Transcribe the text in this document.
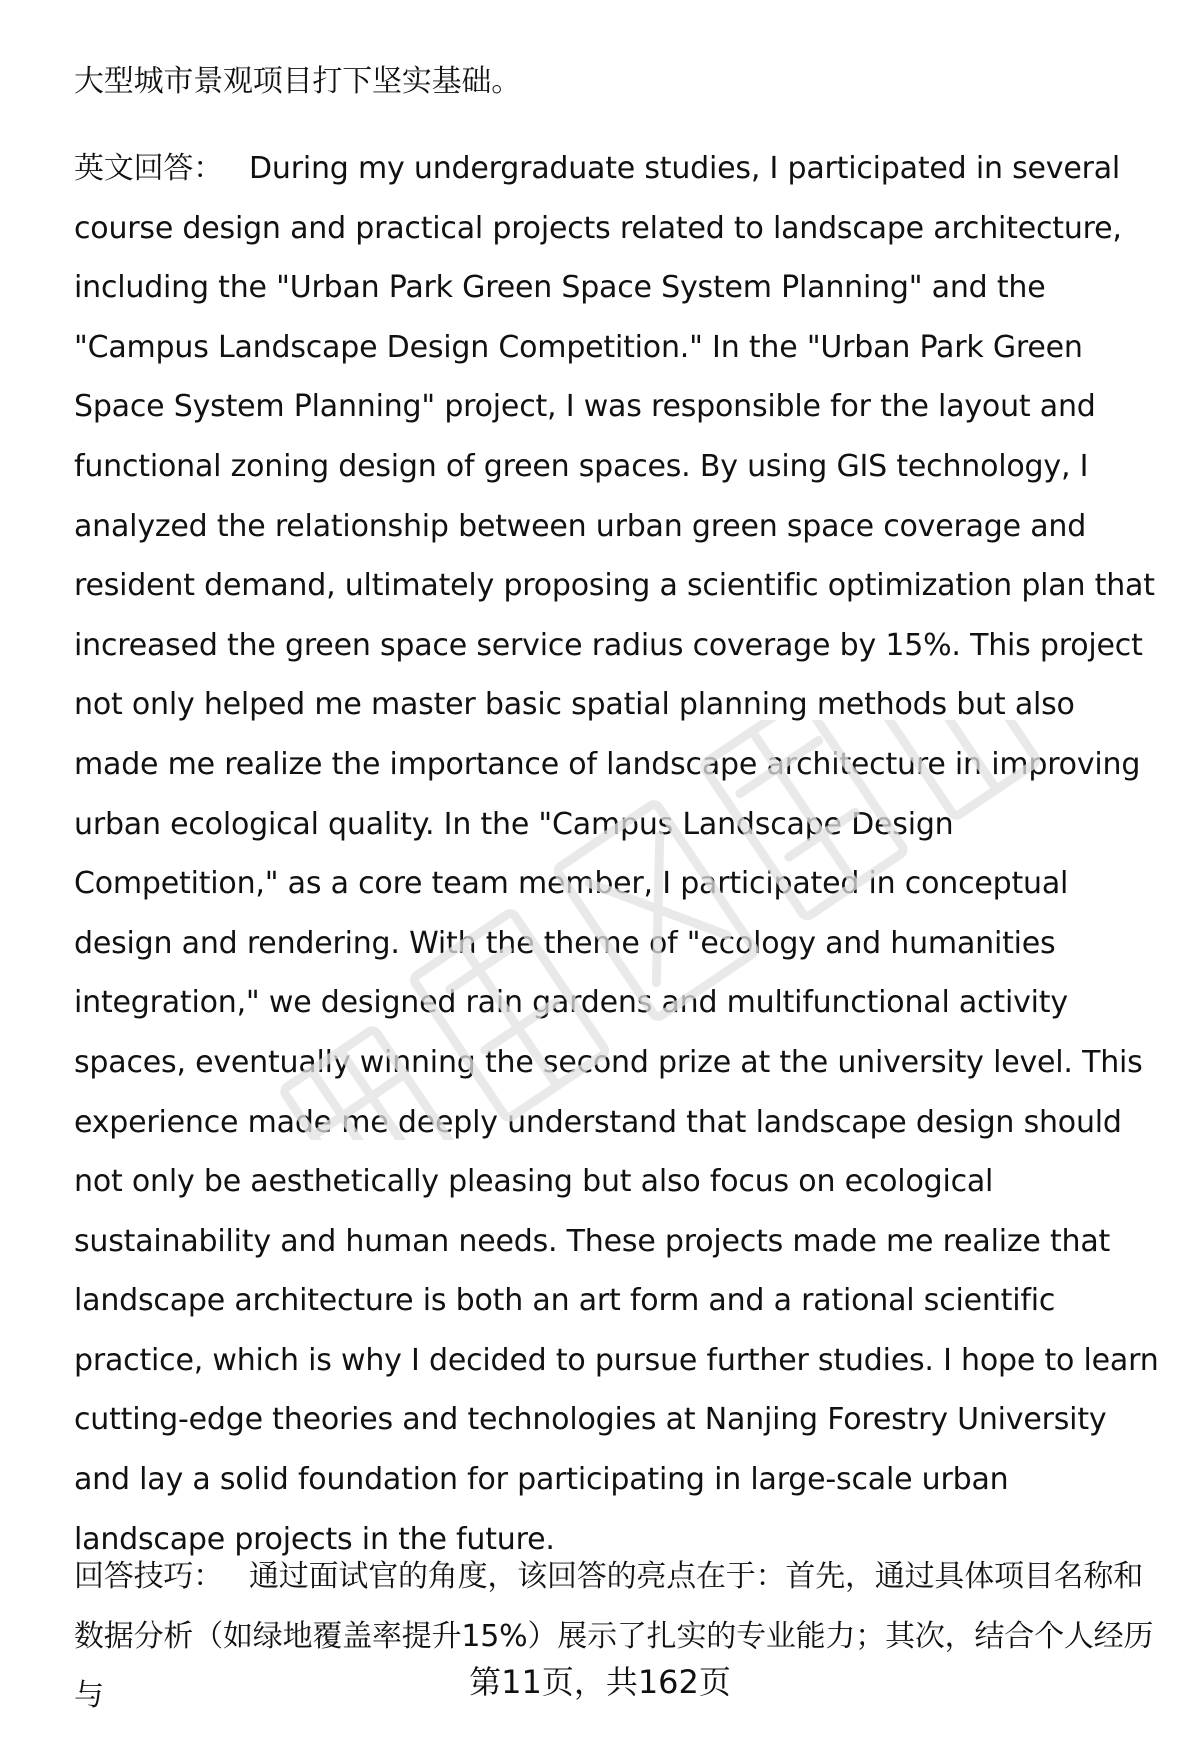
大型城市景观项目打下坚实基础。
英文回答： During my undergraduate studies, I participated in several course design and practical projects related to landscape architecture, including the "Urban Park Green Space System Planning" and the "Campus Landscape Design Competition." In the "Urban Park Green Space System Planning" project, I was responsible for the layout and functional zoning design of green spaces. By using GIS technology, I analyzed the relationship between urban green space coverage and resident demand, ultimately proposing a scientific optimization plan that increased the green space service radius coverage by 15%. This project not only helped me master basic spatial planning methods but also made me realize the importance of landscape architecture in improving urban ecological quality. In the "Campus Landscape Design Competition," as a core team member, I participated in conceptual design and rendering. With the theme of "ecology and humanities integration," we designed rain gardens and multifunctional activity spaces, eventually winning the second prize at the university level. This experience made me deeply understand that landscape design should not only be aesthetically pleasing but also focus on ecological sustainability and human needs. These projects made me realize that landscape architecture is both an art form and a rational scientific practice, which is why I decided to pursue further studies. I hope to learn cutting-edge theories and technologies at Nanjing Forestry University and lay a solid foundation for participating in large-scale urban landscape projects in the future.
回答技巧： 通过面试官的角度，该回答的亮点在于：首先，通过具体项目名称和数据分析（如绿地覆盖率提升15%）展示了扎实的专业能力；其次，结合个人经历与	第11页，共162页
